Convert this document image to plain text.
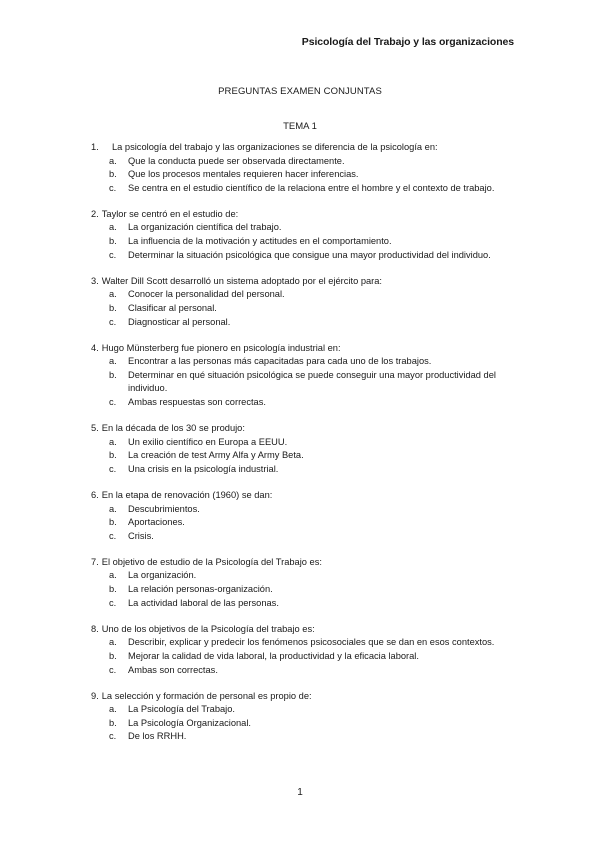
Psicología del Trabajo y las organizaciones
PREGUNTAS EXAMEN CONJUNTAS
TEMA 1
1.	La psicología del trabajo y las organizaciones se diferencia de la psicología en:
a.	Que la conducta puede ser observada directamente.
b.	Que los procesos mentales requieren hacer inferencias.
c.	Se centra en el estudio científico de la relaciona entre el hombre y el contexto de trabajo.
2. Taylor se centró en el estudio de:
a.	La organización científica del trabajo.
b.	La influencia de la motivación y actitudes en el comportamiento.
c.	Determinar la situación psicológica que consigue una mayor productividad del individuo.
3. Walter Dill Scott desarrolló un sistema adoptado por el ejército para:
a.	Conocer la personalidad del personal.
b.	Clasificar al personal.
c.	Diagnosticar al personal.
4. Hugo Münsterberg fue pionero en psicología industrial en:
a.	Encontrar a las personas más capacitadas para cada uno de los trabajos.
b.	Determinar en qué situación psicológica se puede conseguir una mayor productividad del individuo.
c.	Ambas respuestas son correctas.
5. En la década de los 30 se produjo:
a.	Un exilio científico en Europa a EEUU.
b.	La creación de test Army Alfa y Army Beta.
c.	Una crisis en la psicología industrial.
6. En la etapa de renovación (1960) se dan:
a.	Descubrimientos.
b.	Aportaciones.
c.	Crisis.
7. El objetivo de estudio de la Psicología del Trabajo es:
a.	La organización.
b.	La relación personas-organización.
c.	La actividad laboral de las personas.
8. Uno de los objetivos de la Psicología del trabajo es:
a.	Describir, explicar y predecir los fenómenos psicosociales que se dan en esos contextos.
b.	Mejorar la calidad de vida laboral, la productividad y la eficacia laboral.
c.	Ambas son correctas.
9. La selección y formación de personal es propio de:
a.	La Psicología del Trabajo.
b.	La Psicología Organizacional.
c.	De los RRHH.
1
